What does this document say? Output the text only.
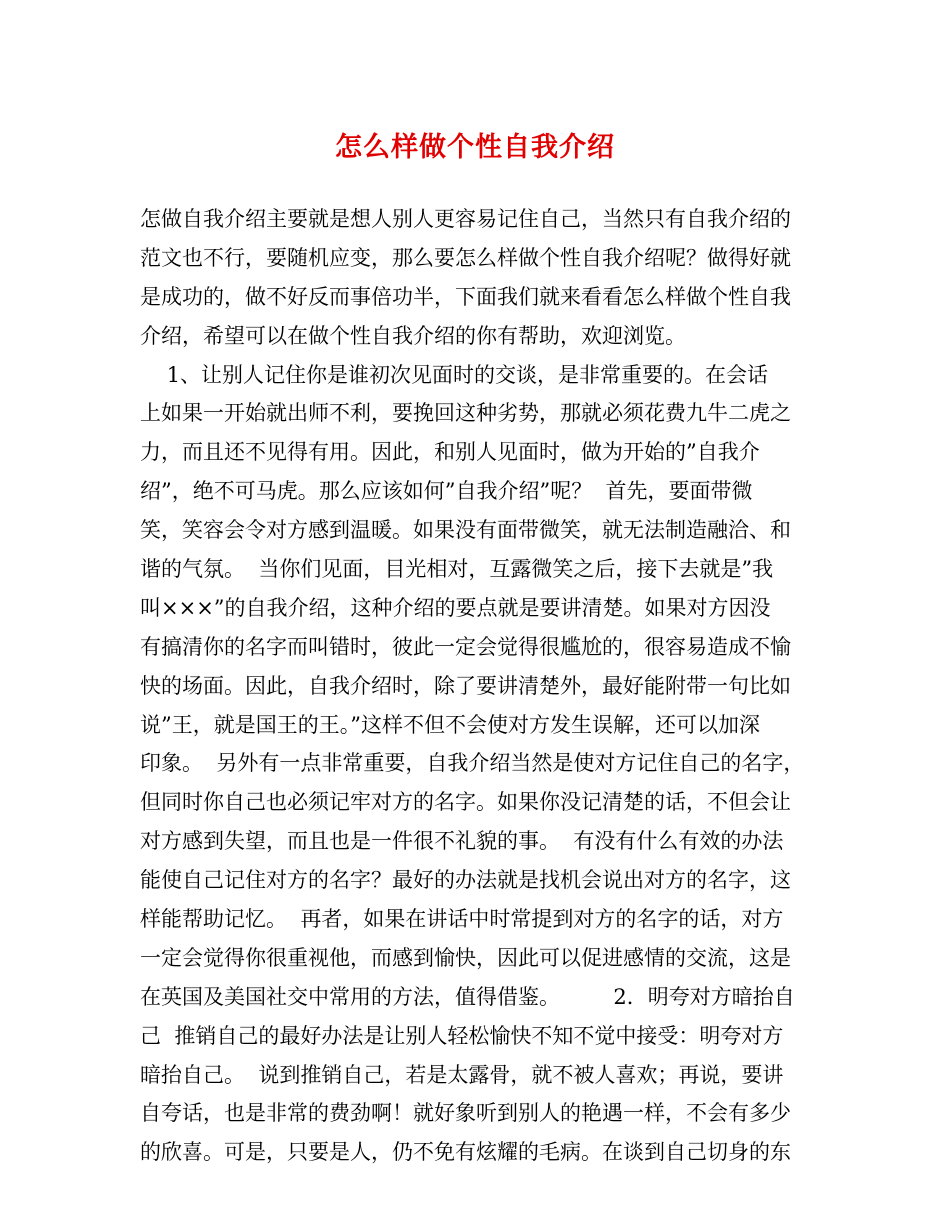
怎么样做个性自我介绍
怎做自我介绍主要就是想人别人更容易记住自己，当然只有自我介绍的
范文也不行，要随机应变，那么要怎么样做个性自我介绍呢？做得好就
是成功的，做不好反而事倍功半，下面我们就来看看怎么样做个性自我
介绍，希望可以在做个性自我介绍的你有帮助，欢迎浏览。
1、让别人记住你是谁初次见面时的交谈，是非常重要的。在会话
上如果一开始就出师不利，要挽回这种劣势，那就必须花费九牛二虎之
力，而且还不见得有用。因此，和别人见面时，做为开始的”自我介
绍”，绝不可马虎。那么应该如何”自我介绍”呢？  首先，要面带微
笑，笑容会令对方感到温暖。如果没有面带微笑，就无法制造融洽、和
谐的气氛。  当你们见面，目光相对，互露微笑之后，接下去就是”我
叫×××”的自我介绍，这种介绍的要点就是要讲清楚。如果对方因没
有搞清你的名字而叫错时，彼此一定会觉得很尴尬的，很容易造成不愉
快的场面。因此，自我介绍时，除了要讲清楚外，最好能附带一句比如
说”王，就是国王的王。”这样不但不会使对方发生误解，还可以加深
印象。  另外有一点非常重要，自我介绍当然是使对方记住自己的名字，
但同时你自己也必须记牢对方的名字。如果你没记清楚的话，不但会让
对方感到失望，而且也是一件很不礼貌的事。  有没有什么有效的办法
能使自己记住对方的名字？最好的办法就是找机会说出对方的名字，这
样能帮助记忆。  再者，如果在讲话中时常提到对方的名字的话，对方
一定会觉得你很重视他，而感到愉快，因此可以促进感情的交流，这是
在英国及美国社交中常用的方法，值得借鉴。        2．明夸对方暗抬自
己  推销自己的最好办法是让别人轻松愉快不知不觉中接受：明夸对方
暗抬自己。  说到推销自己，若是太露骨，就不被人喜欢；再说，要讲
自夸话，也是非常的费劲啊！就好象听到别人的艳遇一样，不会有多少
的欣喜。可是，只要是人，仍不免有炫耀的毛病。在谈到自己切身的东
